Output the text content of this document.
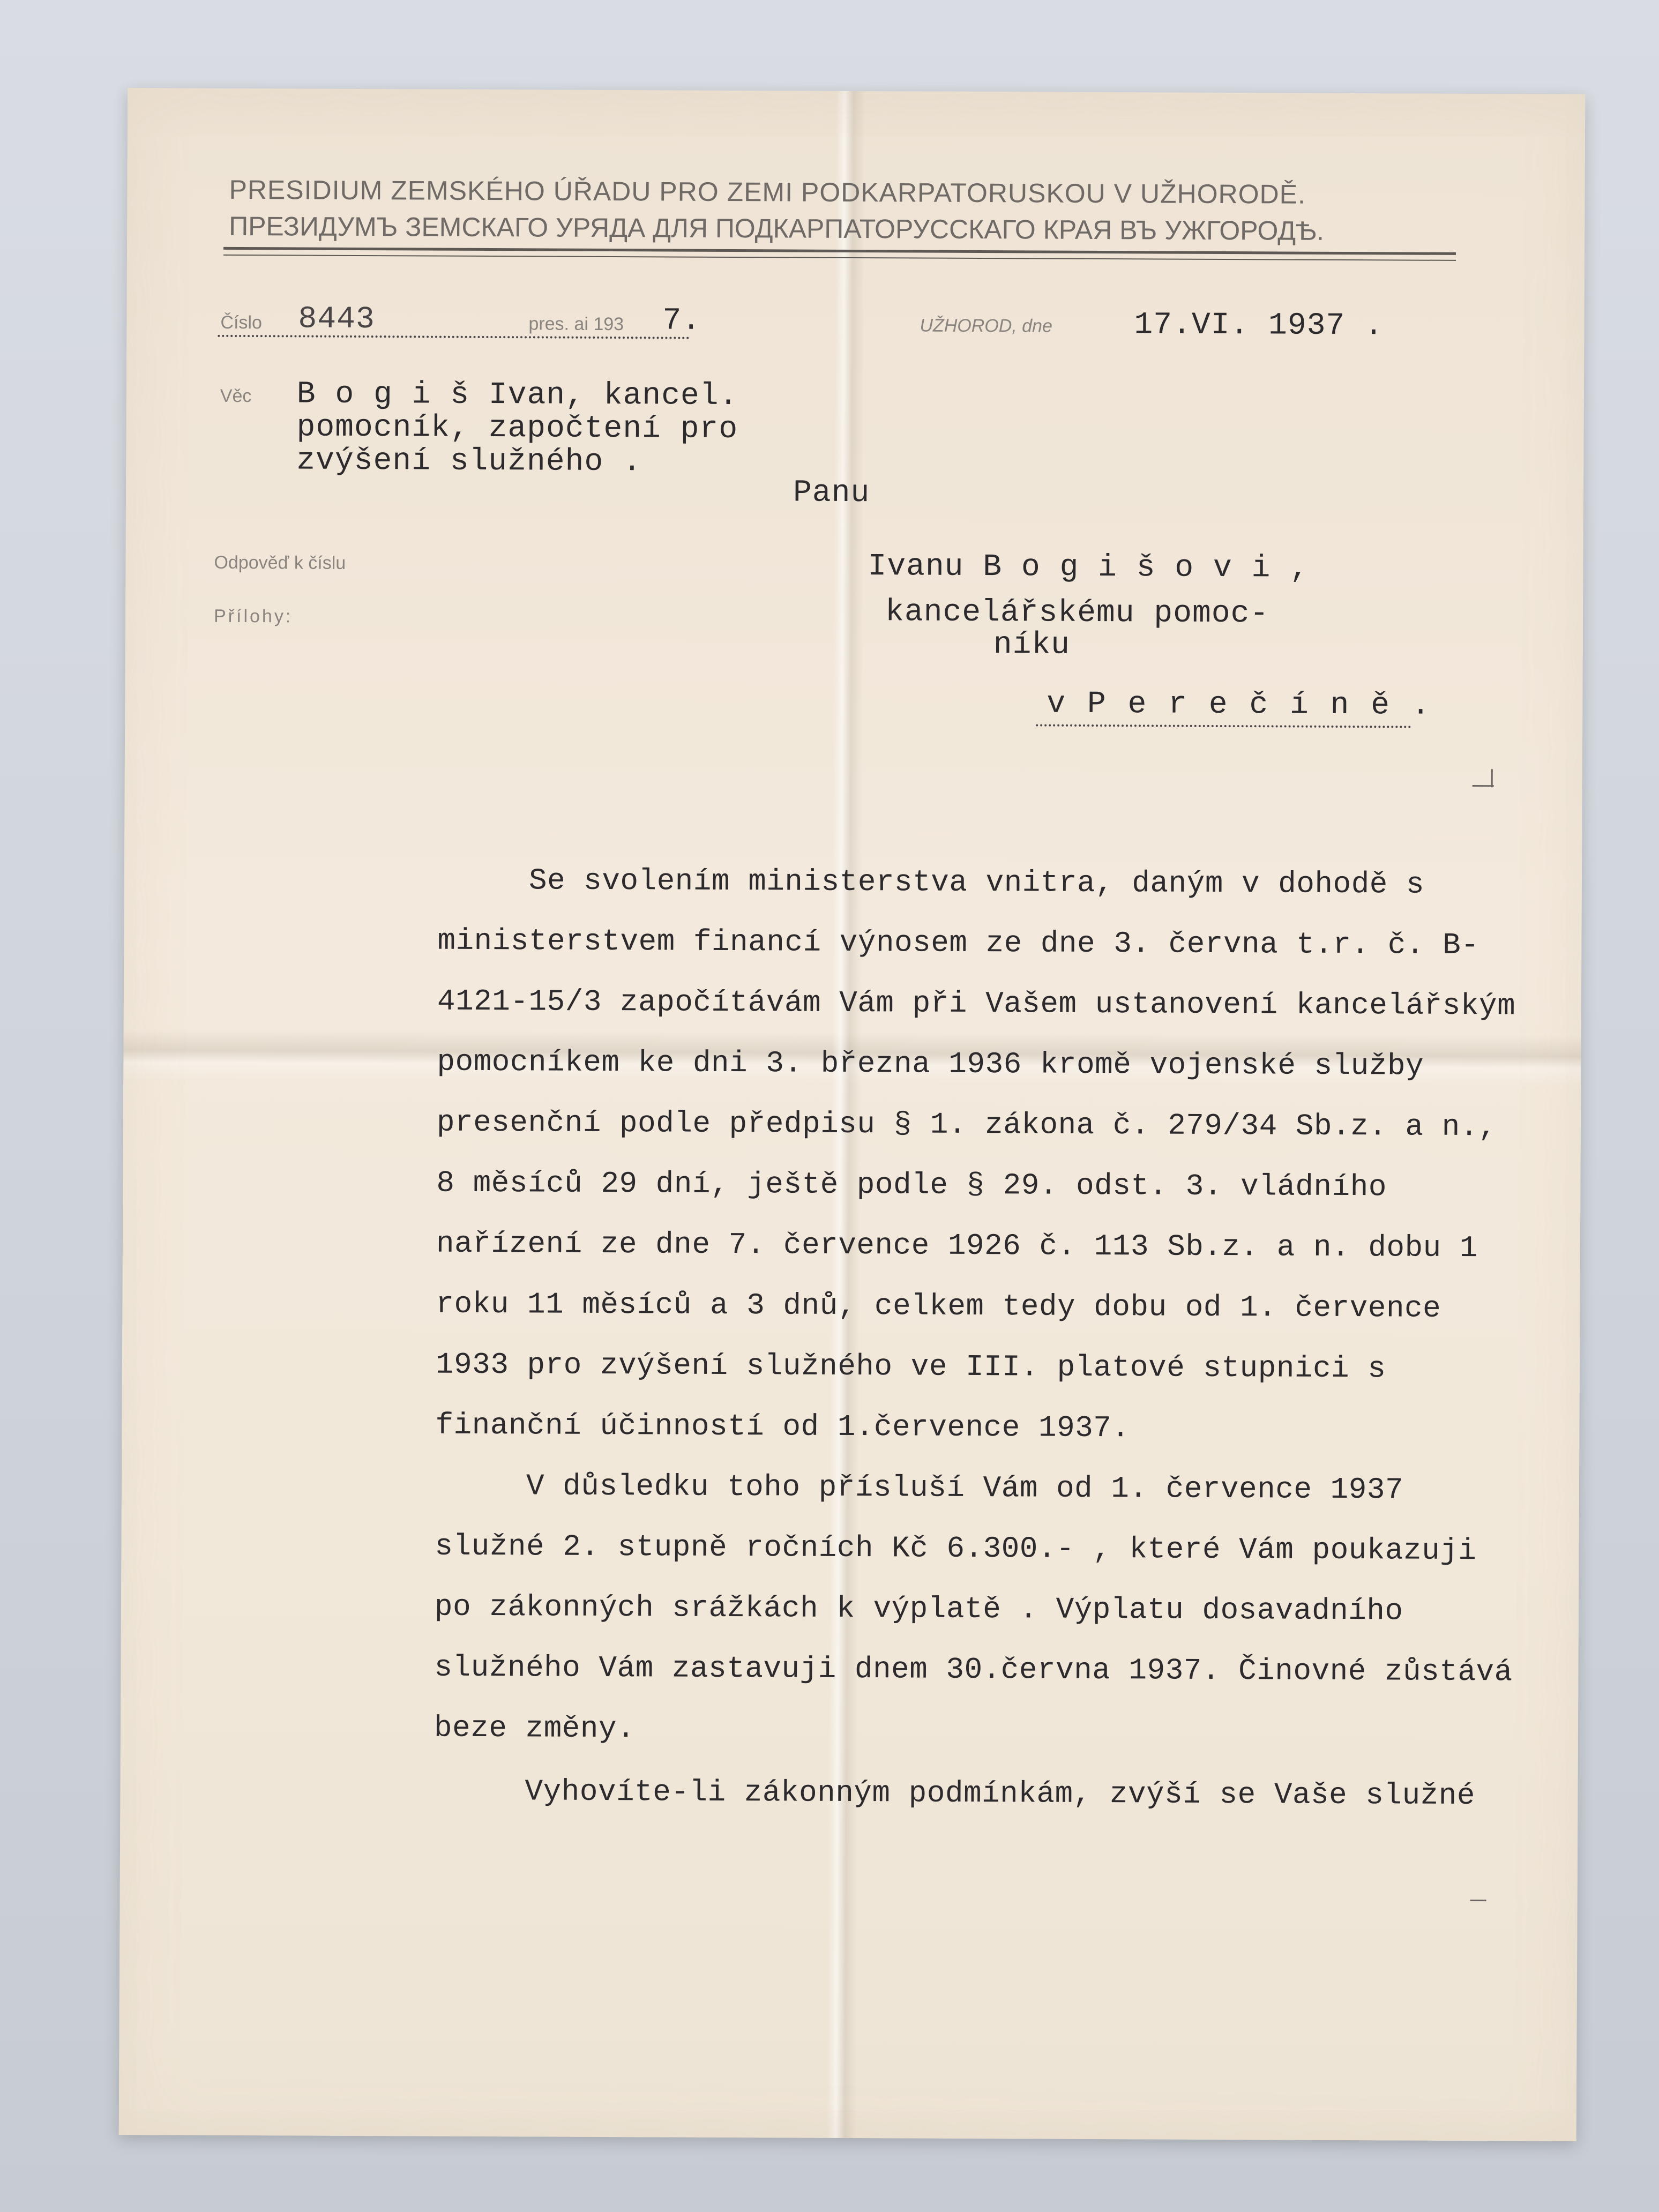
PRESIDIUM ZEMSKÉHO ÚŘADU PRO ZEMI PODKARPATORUSKOU V UŽHORODĚ.
ПРЕЗИДУМЪ ЗЕМСКАГО УРЯДА ДЛЯ ПОДКАРПАТОРУССКАГО КРАЯ ВЪ УЖГОРОДѢ.
Číslo 8443	pres. ai 193 7.	UŽHOROD, dne	17.VI. 1937 .
Věc B o g i š Ivan, kancel.
pomocník, započtení pro
zvýšení služného .
Panu
Odpověď k číslu
Přílohy:
Ivanu B o g i š o v i ,
kancelářskému pomoc-
níku
v P e r e č í n ě .
Se svolením ministerstva vnitra, daným v dohodě s ministerstvem financí výnosem ze dne 3. června t.r. č. B-4121-15/3 započítávám Vám při Vašem ustanovení kancelářským pomocníkem ke dni 3. března 1936 kromě vojenské služby presenční podle předpisu § 1. zákona č. 279/34 Sb.z. a n., 8 měsíců 29 dní, ještě podle § 29. odst. 3. vládního nařízení ze dne 7. července 1926 č. 113 Sb.z. a n. dobu 1 roku 11 měsíců a 3 dnů, celkem tedy dobu od 1. července 1933 pro zvýšení služného ve III. platové stupnici s finanční účinností od 1.července 1937.
V důsledku toho přísluší Vám od 1. července 1937 služné 2. stupně ročních Kč 6.300.- , které Vám poukazuji po zákonných srážkách k výplatě . Výplatu dosavadního služného Vám zastavuji dnem 30.června 1937. Činovné zůstává beze změny.
Vyhovíte-li zákonným podmínkám, zvýší se Vaše služné
